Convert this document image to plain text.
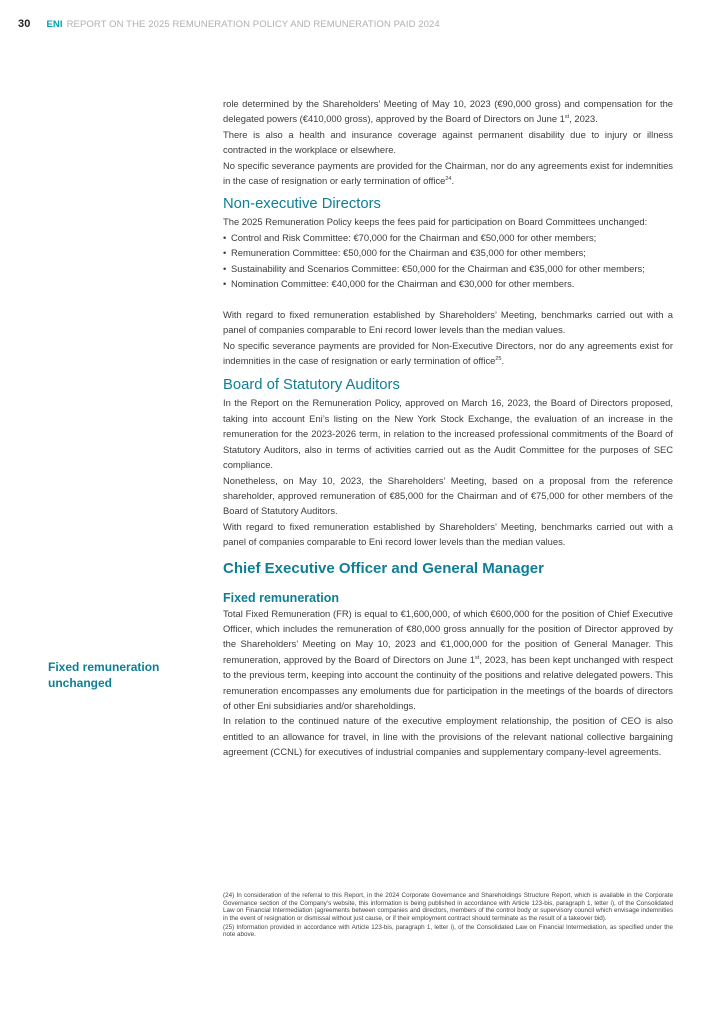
30 ENI REPORT ON THE 2025 REMUNERATION POLICY AND REMUNERATION PAID 2024
Fixed remuneration unchanged

role determined by the Shareholders’ Meeting of May 10, 2023 (€90,000 gross) and compensation for the delegated powers (€410,000 gross), approved by the Board of Directors on June 1st, 2023.

There is also a health and insurance coverage against permanent disability due to injury or illness contracted in the workplace or elsewhere.

No specific severance payments are provided for the Chairman, nor do any agreements exist for indemnities in the case of resignation or early termination of office$^{24}$.

Non-executive Directors

The 2025 Remuneration Policy keeps the fees paid for participation on Board Committees unchanged:

• Control and Risk Committee: €70,000 for the Chairman and €50,000 for other members;
• Remuneration Committee: €50,000 for the Chairman and €35,000 for other members;
• Sustainability and Scenarios Committee: €50,000 for the Chairman and €35,000 for other members;
• Nomination Committee: €40,000 for the Chairman and €30,000 for other members.

With regard to fixed remuneration established by Shareholders’ Meeting, benchmarks carried out with a panel of companies comparable to Eni record lower levels than the median values.

No specific severance payments are provided for Non-Executive Directors, nor do any agreements exist for indemnities in the case of resignation or early termination of office$^{25}$.

Board of Statutory Auditors

In the Report on the Remuneration Policy, approved on March 16, 2023, the Board of Directors proposed, taking into account Eni’s listing on the New York Stock Exchange, the evaluation of an increase in the remuneration for the 2023-2026 term, in relation to the increased professional commitments of the Board of Statutory Auditors, also in terms of activities carried out as the Audit Committee for the purposes of SEC compliance.

Nonetheless, on May 10, 2023, the Shareholders’ Meeting, based on a proposal from the reference shareholder, approved remuneration of €85,000 for the Chairman and of €75,000 for other members of the Board of Statutory Auditors.

With regard to fixed remuneration established by Shareholders’ Meeting, benchmarks carried out with a panel of companies comparable to Eni record lower levels than the median values.

Chief Executive Officer and General Manager
Fixed remuneration

Total Fixed Remuneration (FR) is equal to €1,600,000, of which €600,000 for the position of Chief Executive Officer, which includes the remuneration of €80,000 gross annually for the position of Director approved by the Shareholders’ Meeting on May 10, 2023 and €1,000,000 for the position of General Manager. This remuneration, approved by the Board of Directors on June 1st, 2023, has been kept unchanged with respect to the previous term, keeping into account the continuity of the positions and relative delegated powers. This remuneration encompasses any emoluments due for participation in the meetings of the boards of directors of other Eni subsidiaries and/or shareholdings.

In relation to the continued nature of the executive employment relationship, the position of CEO is also entitled to an allowance for travel, in line with the provisions of the relevant national collective bargaining agreement (CCNL) for executives of industrial companies and supplementary company-level agreements.

(24) In consideration of the referral to this Report, in the 2024 Corporate Governance and Shareholdings Structure Report, which is available in the Corporate Governance section of the Company’s website, this information is being published in accordance with Article 123-bis, paragraph 1, letter i), of the Consolidated Law on Financial Intermediation (agreements between companies and directors, members of the control body or supervisory council which envisage indemnities in the event of resignation or dismissal without just cause, or if their employment contract should terminate as the result of a takeover bid).

(25) Information provided in accordance with Article 123-bis, paragraph 1, letter i), of the Consolidated Law on Financial Intermediation, as specified under the note above.
